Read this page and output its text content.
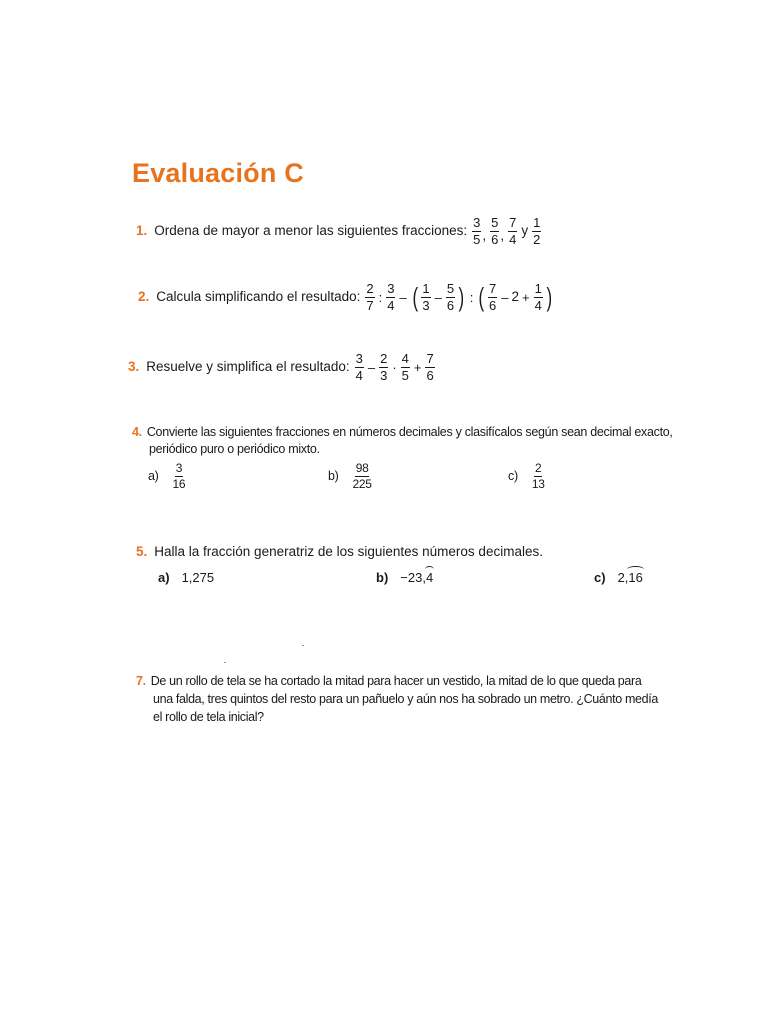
Evaluación C
1. Ordena de mayor a menor las siguientes fracciones: $\frac{3}{5}$ , $\frac{5}{6}$ , $\frac{7}{4}$ y $\frac{1}{2}$
2. Calcula simplificando el resultado: $\frac{2}{7}$ : $\frac{3}{4}$ – ( $\frac{1}{3} - \frac{5}{6}$ ) : ( $\frac{7}{6} - 2 + \frac{1}{4}$ )
3. Resuelve y simplifica el resultado: $\frac{3}{4} - \frac{2}{3} \cdot \frac{4}{5} + \frac{7}{6}$
4. Convierte las siguientes fracciones en números decimales y clasifícalos según sean decimal exacto,
periódico puro o periódico mixto.
$a) \frac{3}{16}$	$b) \frac{98}{225}$	$c) \frac{2}{13}$
5. Halla la fracción generatriz de los siguientes números decimales.
a) 1,275	b) −23,4	c) 2,16
7. De un rollo de tela se ha cortado la mitad para hacer un vestido, la mitad de lo que queda para
una falda, tres quintos del resto para un pañuelo y aún nos ha sobrado un metro. ¿Cuánto medía
el rollo de tela inicial?
